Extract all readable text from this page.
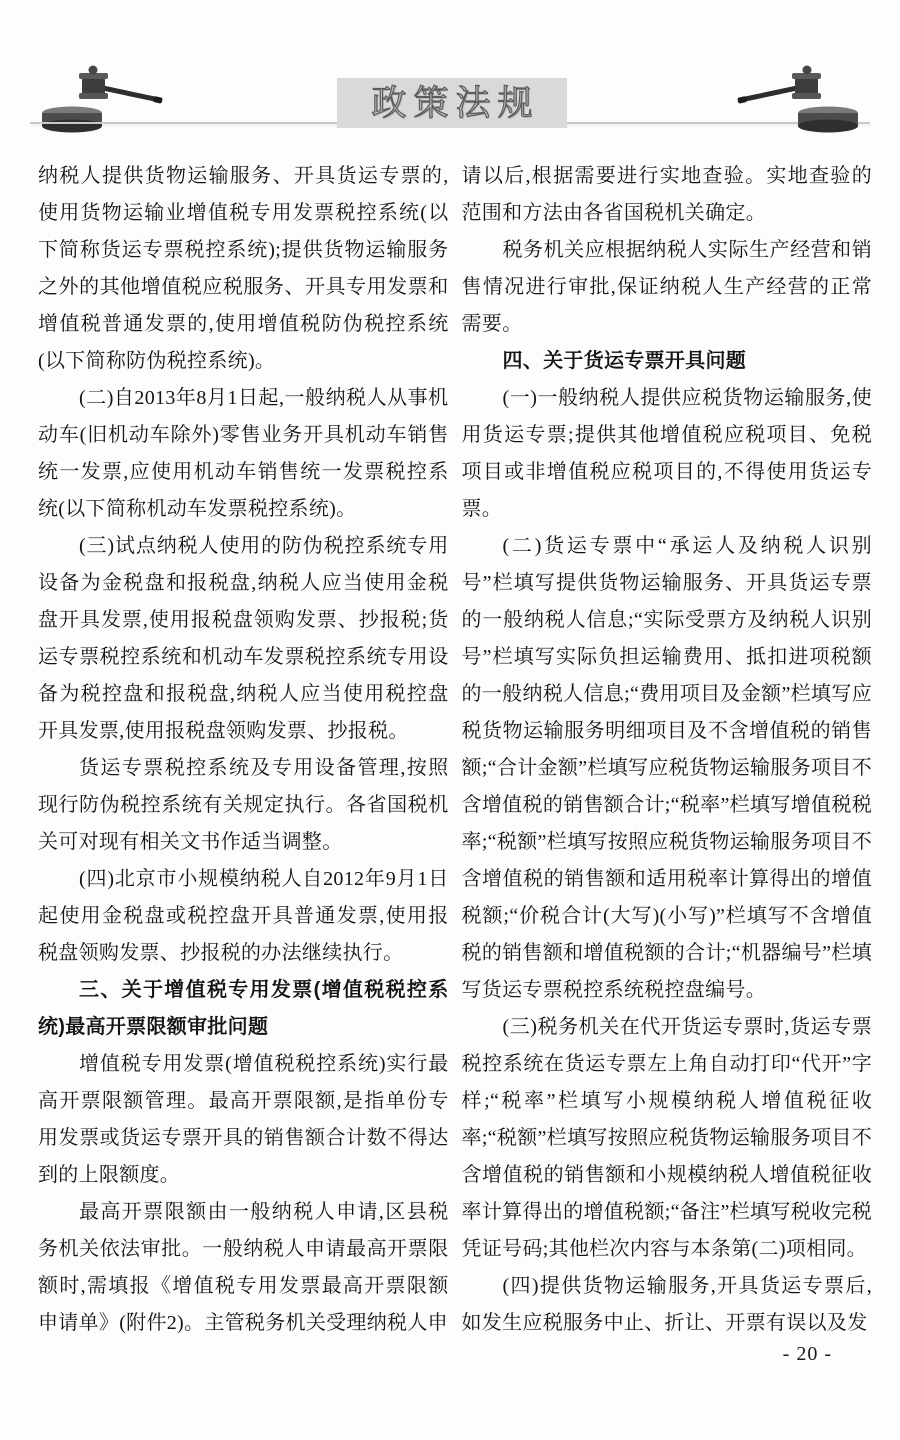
政策法规

纳税人提供货物运输服务、开具货运专票的,使用货物运输业增值税专用发票税控系统(以下简称货运专票税控系统);提供货物运输服务之外的其他增值税应税服务、开具专用发票和增值税普通发票的,使用增值税防伪税控系统(以下简称防伪税控系统)。

(二)自2013年8月1日起,一般纳税人从事机动车(旧机动车除外)零售业务开具机动车销售统一发票,应使用机动车销售统一发票税控系统(以下简称机动车发票税控系统)。

(三)试点纳税人使用的防伪税控系统专用设备为金税盘和报税盘,纳税人应当使用金税盘开具发票,使用报税盘领购发票、抄报税;货运专票税控系统和机动车发票税控系统专用设备为税控盘和报税盘,纳税人应当使用税控盘开具发票,使用报税盘领购发票、抄报税。

货运专票税控系统及专用设备管理,按照现行防伪税控系统有关规定执行。各省国税机关可对现有相关文书作适当调整。

(四)北京市小规模纳税人自2012年9月1日起使用金税盘或税控盘开具普通发票,使用报税盘领购发票、抄报税的办法继续执行。

三、关于增值税专用发票(增值税税控系统)最高开票限额审批问题

增值税专用发票(增值税税控系统)实行最高开票限额管理。最高开票限额,是指单份专用发票或货运专票开具的销售额合计数不得达到的上限额度。

最高开票限额由一般纳税人申请,区县税务机关依法审批。一般纳税人申请最高开票限额时,需填报《增值税专用发票最高开票限额申请单》(附件2)。主管税务机关受理纳税人申

请以后,根据需要进行实地查验。实地查验的范围和方法由各省国税机关确定。

税务机关应根据纳税人实际生产经营和销售情况进行审批,保证纳税人生产经营的正常需要。

四、关于货运专票开具问题

(一)一般纳税人提供应税货物运输服务,使用货运专票;提供其他增值税应税项目、免税项目或非增值税应税项目的,不得使用货运专票。

(二)货运专票中“承运人及纳税人识别号”栏填写提供货物运输服务、开具货运专票的一般纳税人信息;“实际受票方及纳税人识别号”栏填写实际负担运输费用、抵扣进项税额的一般纳税人信息;“费用项目及金额”栏填写应税货物运输服务明细项目及不含增值税的销售额;“合计金额”栏填写应税货物运输服务项目不含增值税的销售额合计;“税率”栏填写增值税税率;“税额”栏填写按照应税货物运输服务项目不含增值税的销售额和适用税率计算得出的增值税额;“价税合计(大写)(小写)”栏填写不含增值税的销售额和增值税额的合计;“机器编号”栏填写货运专票税控系统税控盘编号。

(三)税务机关在代开货运专票时,货运专票税控系统在货运专票左上角自动打印“代开”字样;“税率”栏填写小规模纳税人增值税征收率;“税额”栏填写按照应税货物运输服务项目不含增值税的销售额和小规模纳税人增值税征收率计算得出的增值税额;“备注”栏填写税收完税凭证号码;其他栏次内容与本条第(二)项相同。

(四)提供货物运输服务,开具货运专票后,如发生应税服务中止、折让、开票有误以及发

- 20 -
